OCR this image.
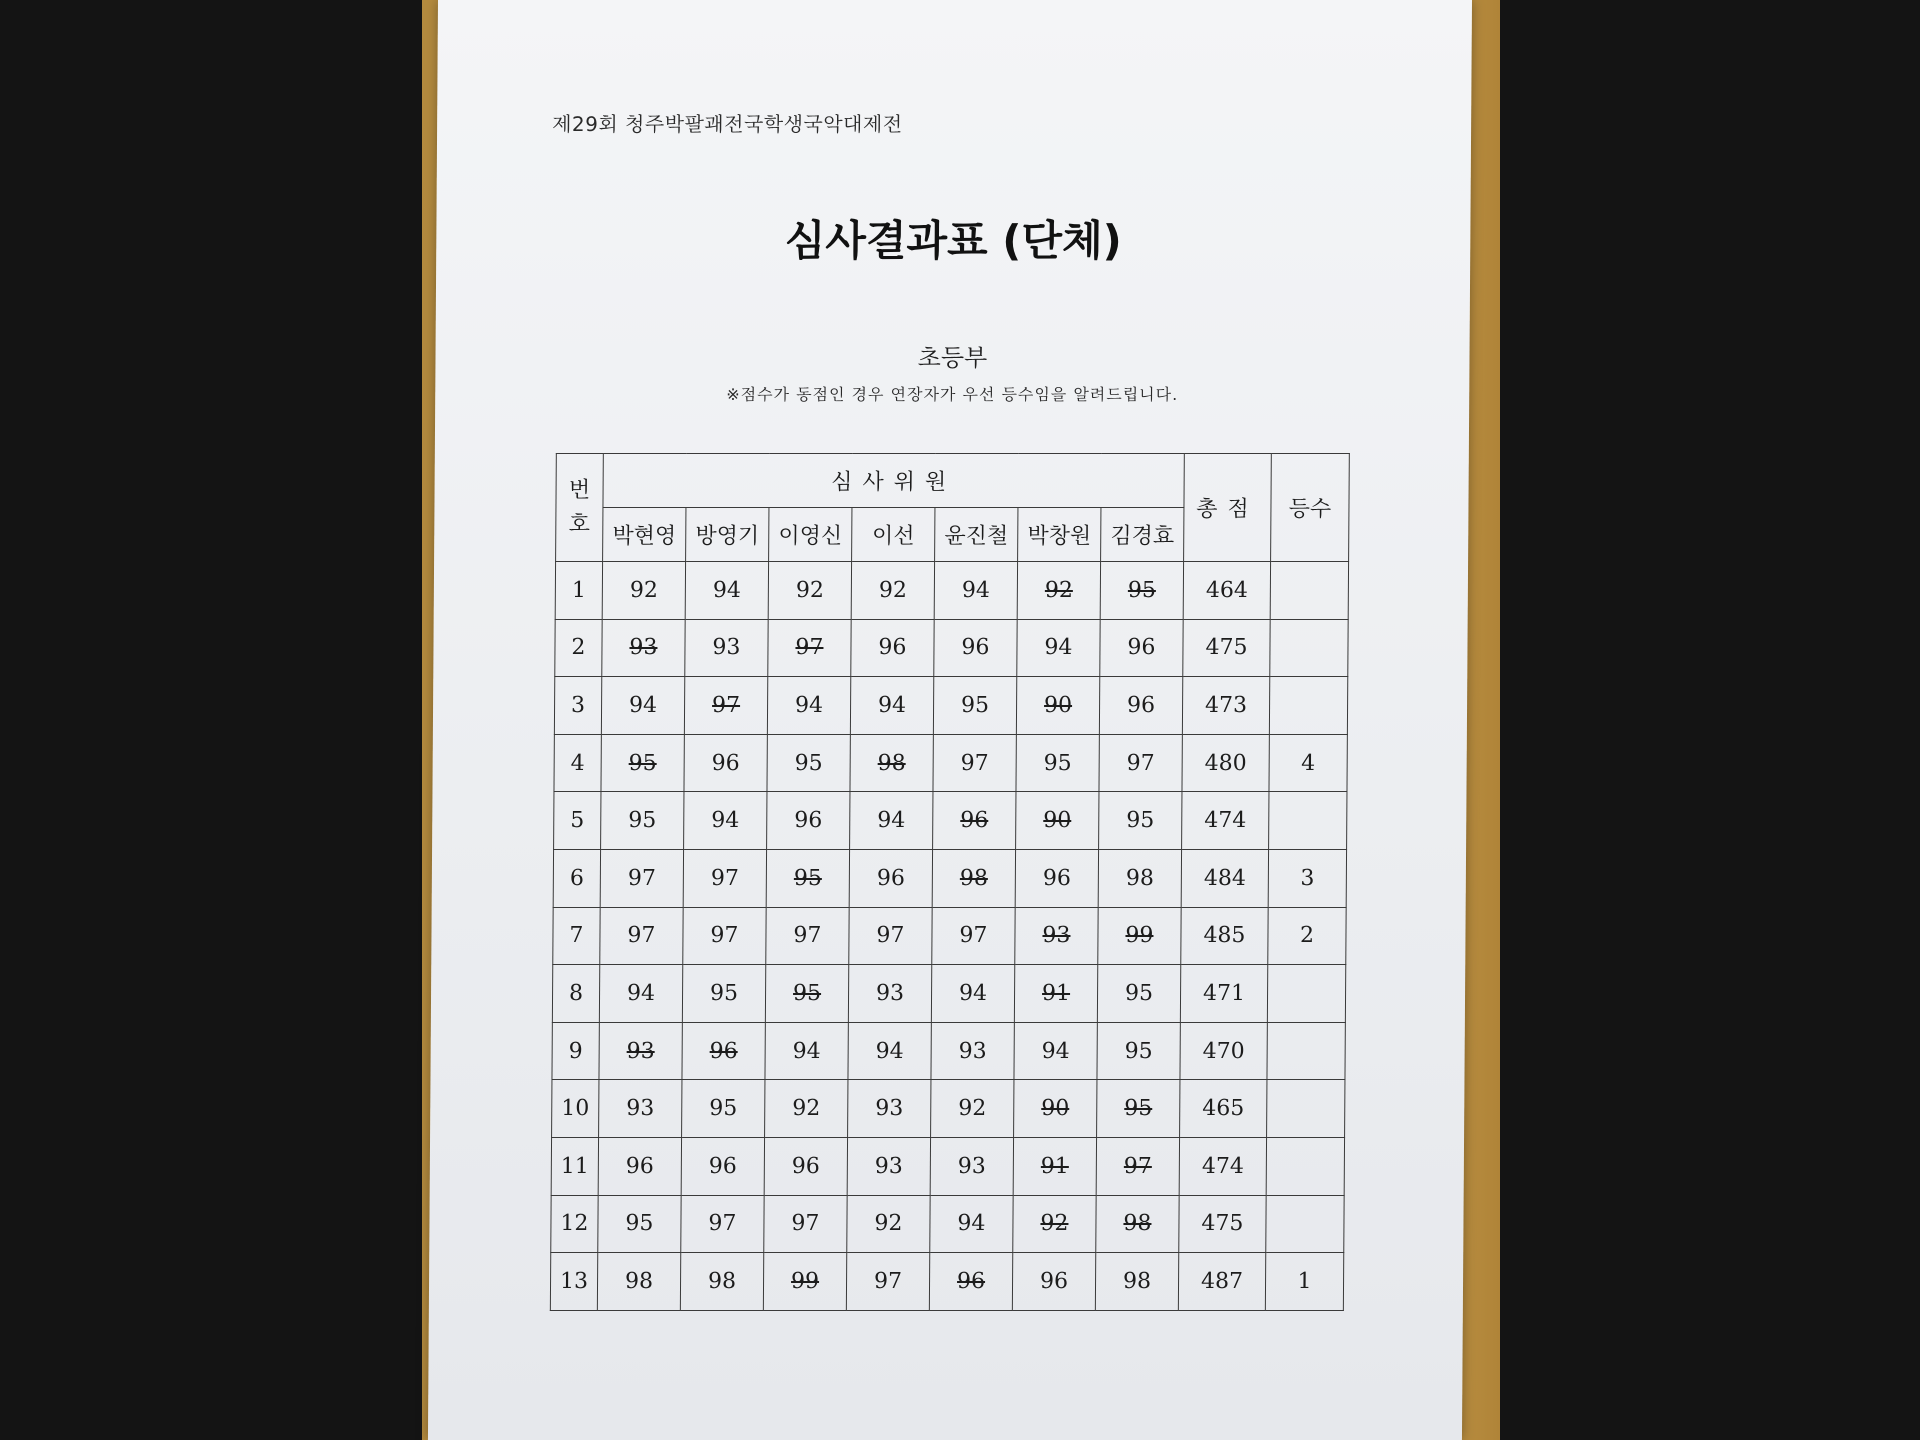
제29회 청주박팔괘전국학생국악대제전
심사결과표 (단체)
초등부
※점수가 동점인 경우 연장자가 우선 등수임을 알려드립니다.
번
호	심사위원							총점	등수
	박현영	방영기	이영신	이선	윤진철	박창원	김경효		
1	92	94	92	92	94	92	95	464	
2	93	93	97	96	96	94	96	475	
3	94	97	94	94	95	90	96	473	
4	95	96	95	98	97	95	97	480	4
5	95	94	96	94	96	90	95	474	
6	97	97	95	96	98	96	98	484	3
7	97	97	97	97	97	93	99	485	2
8	94	95	95	93	94	91	95	471	
9	93	96	94	94	93	94	95	470	
10	93	95	92	93	92	90	95	465	
11	96	96	96	93	93	91	97	474	
12	95	97	97	92	94	92	98	475	
13	98	98	99	97	96	96	98	487	1
